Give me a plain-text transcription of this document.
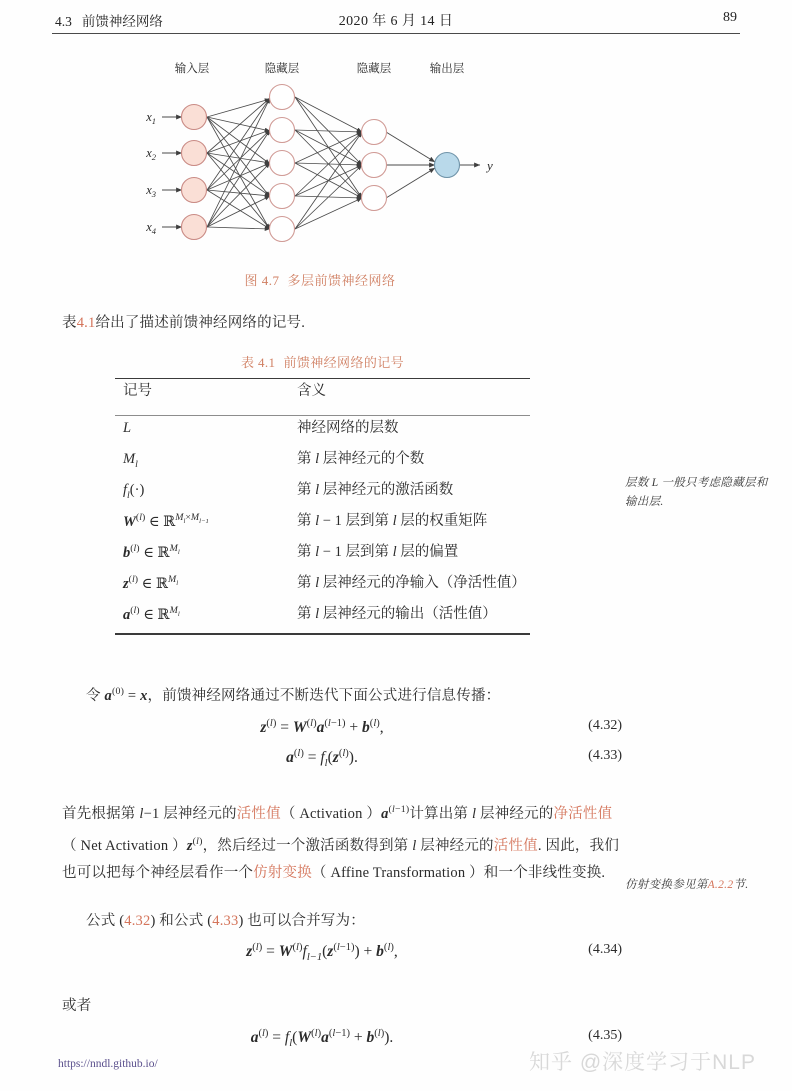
4.3 前馈神经网络	2020 年 6 月 14 日	89
输入层	隐藏层	隐藏层	输出层
$x_1$
$x_2$
$x_3$
$x_4$
y
图 4.7 多层前馈神经网络
表4.1给出了描述前馈神经网络的记号.
表 4.1 前馈神经网络的记号
记号	含义
L	神经网络的层数
$M_l$	第 l 层神经元的个数
$f_l(\cdot)$	第 l 层神经元的激活函数
$W^{(l)}$ ∈ ℝ$^{M_l\times M_{l-1}}$	第 l − 1 层到第 l 层的权重矩阵
$b^{(l)}$ ∈ ℝ$^{M_l}$	第 l − 1 层到第 l 层的偏置
$z^{(l)}$ ∈ ℝ$^{M_l}$	第 l 层神经元的净输入（净活性值）
$a^{(l)}$ ∈ ℝ$^{M_l}$	第 l 层神经元的输出（活性值）
层数 L 一般只考虑隐藏层和输出层.
令 $a^{(0)} = x$，前馈神经网络通过不断迭代下面公式进行信息传播：
$z^{(l)} = W^{(l)}a^{(l-1)} + b^{(l)}$,	(4.32)
$a^{(l)} = f_l(z^{(l)})$.	(4.33)
首先根据第 l−1 层神经元的活性值（ Activation ）$a^{(l-1)}$计算出第 l 层神经元的净活性值（ Net Activation ）$z^{(l)}$，然后经过一个激活函数得到第 l 层神经元的活性值. 因此，我们也可以把每个神经层看作一个仿射变换（ Affine Transformation ）和一个非线性变换.
仿射变换参见第A.2.2节.
公式 (4.32) 和公式 (4.33) 也可以合并写为：
$z^{(l)} = W^{(l)}f_{l-1}(z^{(l-1)}) + b^{(l)}$,	(4.34)
或者
$a^{(l)} = f_l(W^{(l)}a^{(l-1)} + b^{(l)})$.	(4.35)
https://nndl.github.io/	知乎 @深度学习于NLP
